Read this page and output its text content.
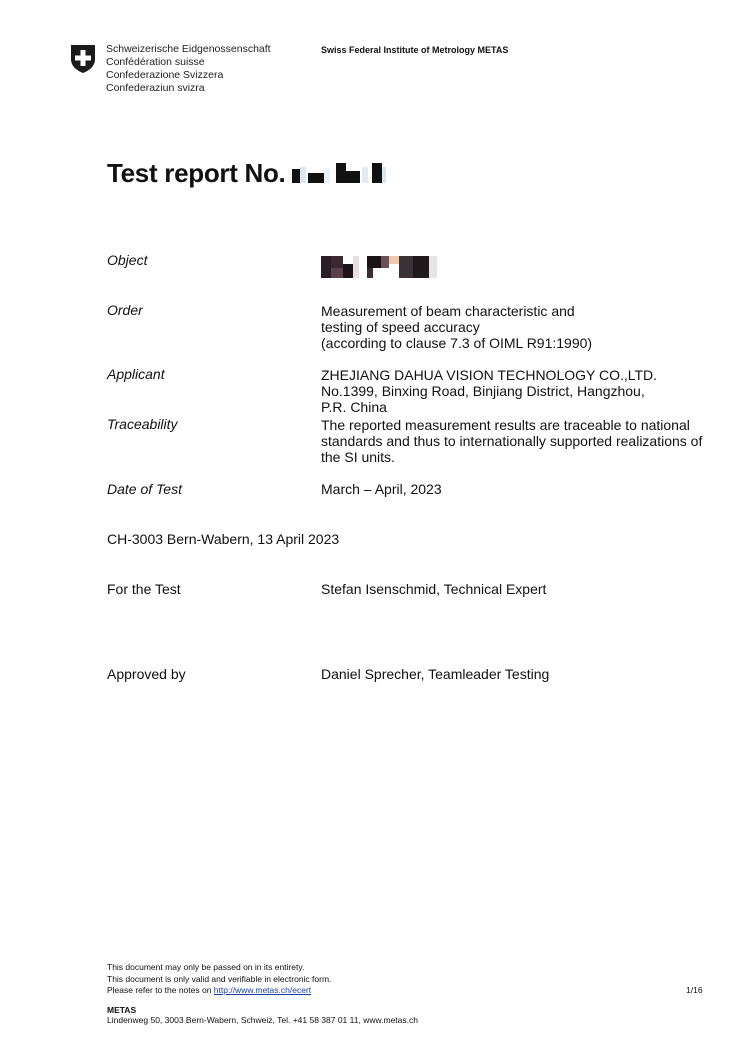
Schweizerische Eidgenossenschaft
Confédération suisse
Confederazione Svizzera
Confederaziun svizra
Swiss Federal Institute of Metrology METAS
Test report No.
Object
Order	Measurement of beam characteristic and
testing of speed accuracy
(according to clause 7.3 of OIML R91:1990)
Applicant	ZHEJIANG DAHUA VISION TECHNOLOGY CO.,LTD.
No.1399, Binxing Road, Binjiang District, Hangzhou,
P.R. China
Traceability	The reported measurement results are traceable to national
standards and thus to internationally supported realizations of
the SI units.
Date of Test	March – April, 2023
CH-3003 Bern-Wabern, 13 April 2023
For the Test	Stefan Isenschmid, Technical Expert
Approved by	Daniel Sprecher, Teamleader Testing
This document may only be passed on in its entirety.
This document is only valid and verifiable in electronic form.
Please refer to the notes on http://www.metas.ch/ecert	1/16
METAS
Lindenweg 50, 3003 Bern-Wabern, Schweiz, Tel. +41 58 387 01 11, www.metas.ch
